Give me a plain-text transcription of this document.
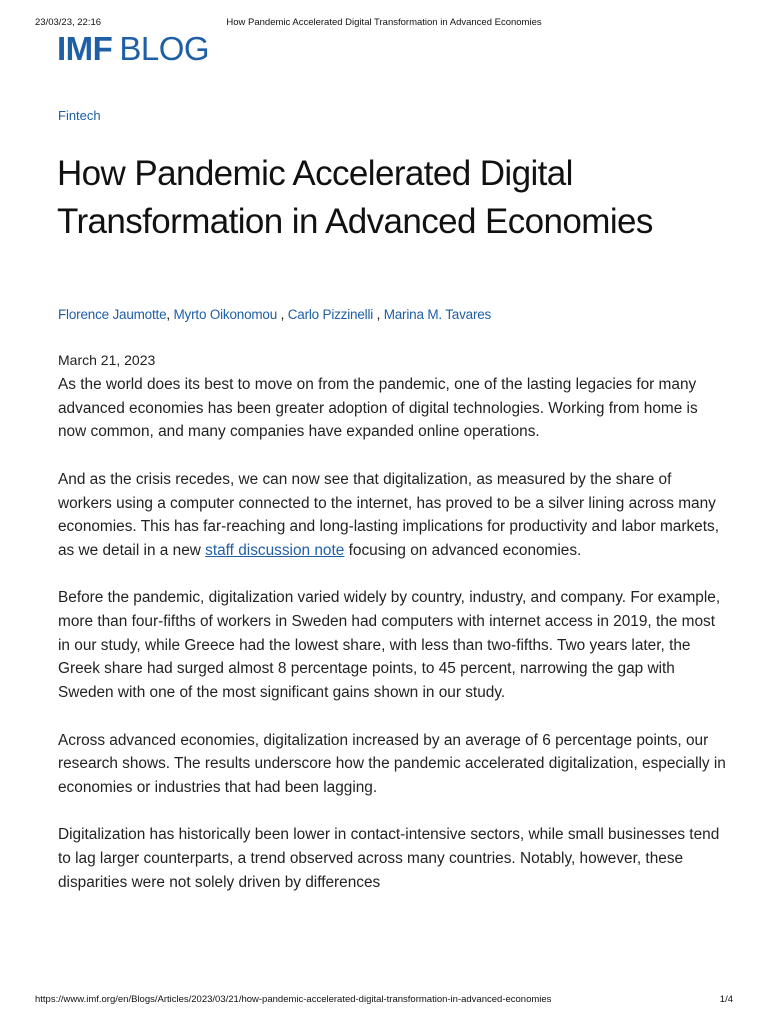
23/03/23, 22:16	How Pandemic Accelerated Digital Transformation in Advanced Economies
IMF BLOG
Fintech
How Pandemic Accelerated Digital Transformation in Advanced Economies
Florence Jaumotte, Myrto Oikonomou , Carlo Pizzinelli , Marina M. Tavares
March 21, 2023

As the world does its best to move on from the pandemic, one of the lasting legacies for many advanced economies has been greater adoption of digital technologies. Working from home is now common, and many companies have expanded online operations.

And as the crisis recedes, we can now see that digitalization, as measured by the share of workers using a computer connected to the internet, has proved to be a silver lining across many economies. This has far-reaching and long-lasting implications for productivity and labor markets, as we detail in a new staff discussion note focusing on advanced economies.

Before the pandemic, digitalization varied widely by country, industry, and company. For example, more than four-fifths of workers in Sweden had computers with internet access in 2019, the most in our study, while Greece had the lowest share, with less than two-fifths. Two years later, the Greek share had surged almost 8 percentage points, to 45 percent, narrowing the gap with Sweden with one of the most significant gains shown in our study.

Across advanced economies, digitalization increased by an average of 6 percentage points, our research shows. The results underscore how the pandemic accelerated digitalization, especially in economies or industries that had been lagging.

Digitalization has historically been lower in contact-intensive sectors, while small businesses tend to lag larger counterparts, a trend observed across many countries. Notably, however, these disparities were not solely driven by differences

https://www.imf.org/en/Blogs/Articles/2023/03/21/how-pandemic-accelerated-digital-transformation-in-advanced-economies	1/4
